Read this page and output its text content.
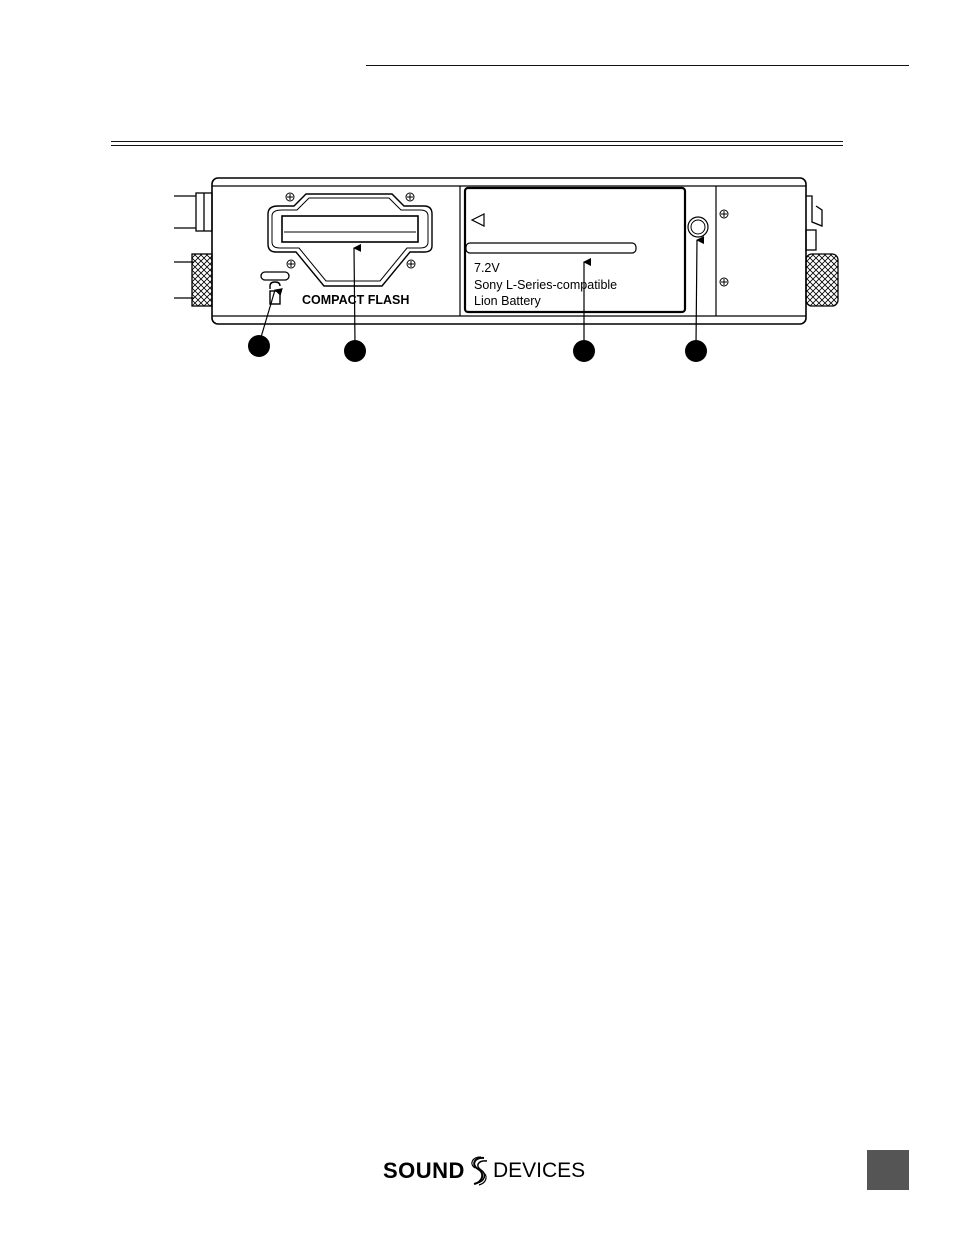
COMPACT FLASH
7.2V
Sony L-Series-compatible
Lion Battery
SOUND DEVICES
